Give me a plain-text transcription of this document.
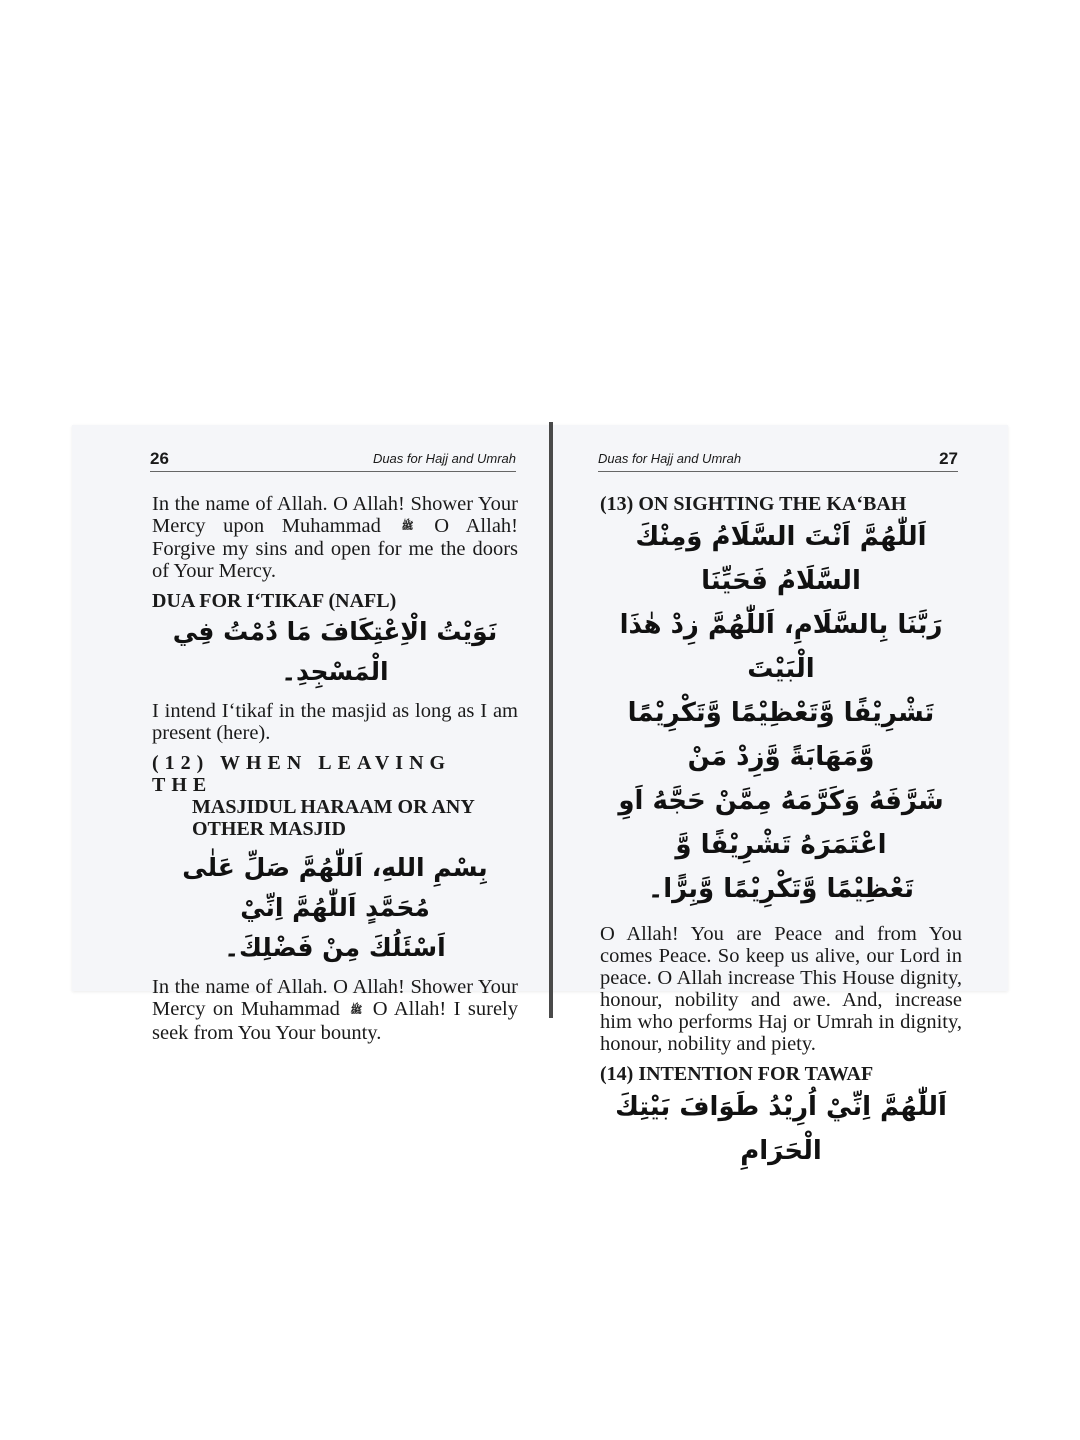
26	Duas for Hajj and Umrah

In the name of Allah. O Allah! Shower Your Mercy upon Muhammad ﷺ O Allah! Forgive my sins and open for me the doors of Your Mercy.

DUA FOR I‘TIKAF (NAFL)
نَوَيْتُ الْاِعْتِكَافَ مَا دُمْتُ فِي الْمَسْجِدِ۔

I intend I‘tikaf in the masjid as long as I am present (here).

(12) WHEN LEAVING THE
MASJIDUL HARAAM OR ANY
OTHER MASJID
بِسْمِ اللهِ، اَللّٰهُمَّ صَلِّ عَلٰى مُحَمَّدٍ اَللّٰهُمَّ اِنِّيْ
اَسْئَلُكَ مِنْ فَضْلِكَ۔

In the name of Allah. O Allah! Shower Your Mercy on Muhammad ﷺ O Allah! I surely seek from You Your bounty.

Duas for Hajj and Umrah	27
(13) ON SIGHTING THE KA‘BAH
اَللّٰهُمَّ اَنْتَ السَّلَامُ وَمِنْكَ السَّلَامُ فَحَيِّنَا
رَبَّنَا بِالسَّلَامِ، اَللّٰهُمَّ زِدْ هٰذَا الْبَيْتَ
تَشْرِيْفًا وَّتَعْظِيْمًا وَّتَكْرِيْمًا وَّمَهَابَةً وَّزِدْ مَنْ
شَرَّفَهُ وَكَرَّمَهُ مِمَّنْ حَجَّهُ اَوِ اعْتَمَرَهُ تَشْرِيْفًا وَّ
تَعْظِيْمًا وَّتَكْرِيْمًا وَّبِرًّا۔

O Allah! You are Peace and from You comes Peace. So keep us alive, our Lord in peace. O Allah increase This House dignity, honour, nobility and awe. And, increase him who performs Haj or Umrah in dignity, honour, nobility and piety.

(14) INTENTION FOR TAWAF
اَللّٰهُمَّ اِنِّيْ اُرِيْدُ طَوَافَ بَيْتِكَ الْحَرَامِ
